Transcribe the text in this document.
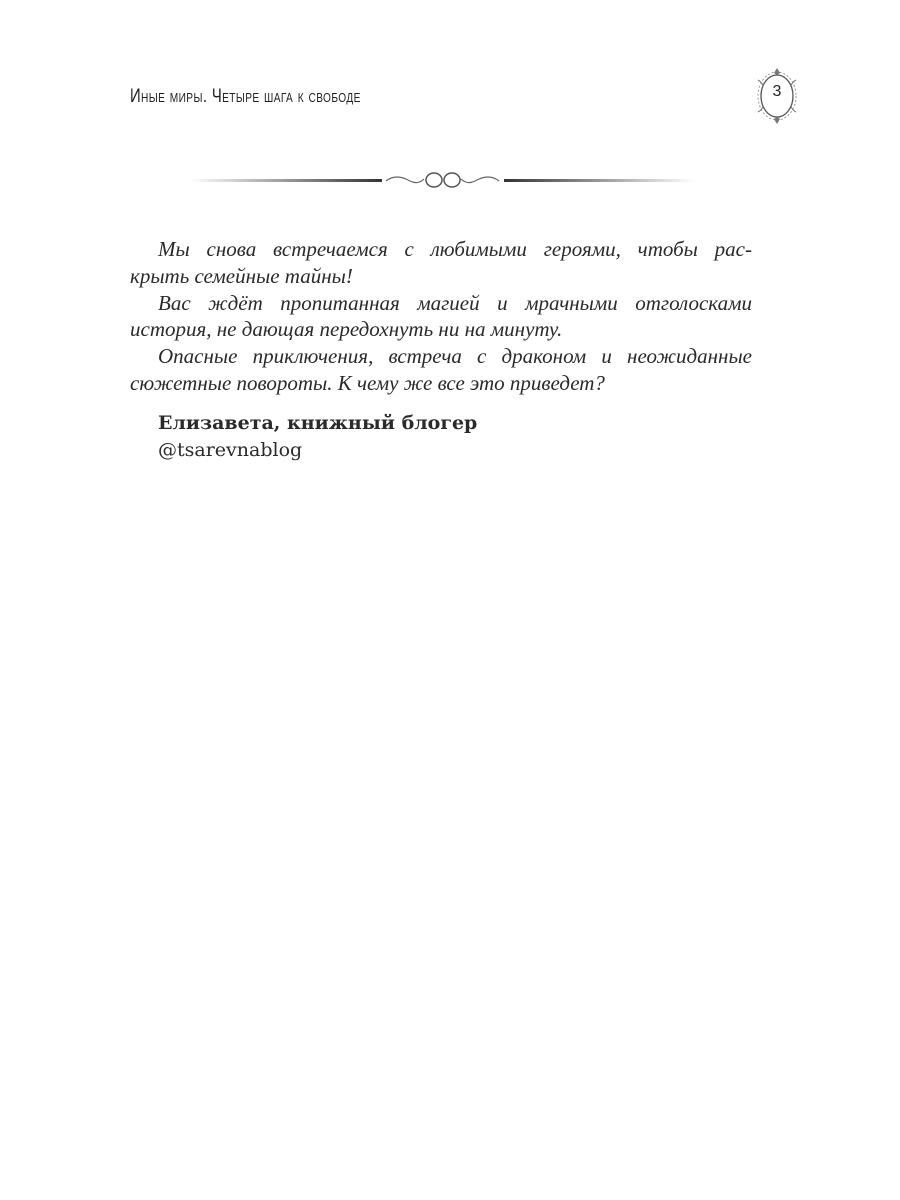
Иные миры. Четыре шага к свободе	3
Мы снова встречаемся с любимыми героями, чтобы рас-
крыть семейные тайны!
Вас ждёт пропитанная магией и мрачными отголосками
история, не дающая передохнуть ни на минуту.
Опасные приключения, встреча с драконом и неожиданные
сюжетные повороты. К чему же все это приведет?
Елизавета, книжный блогер
@tsarevnablog
